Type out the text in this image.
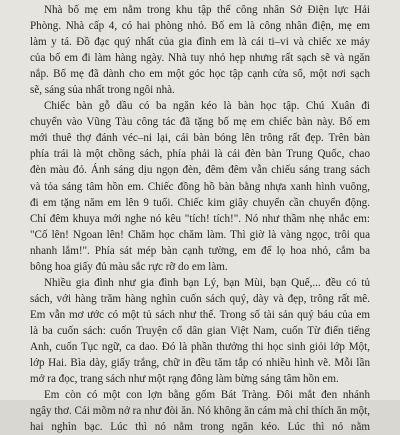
Nhà bố mẹ em nằm trong khu tập thể công nhân Sở Điện lực Hải
Phòng. Nhà cấp 4, có hai phòng nhỏ. Bố em là công nhân điện, mẹ em
làm y tá. Đồ đạc quý nhất của gia đình em là cái ti–vi và chiếc xe máy
của bố em đi làm hàng ngày. Nhà tuy nhỏ hẹp nhưng rất sạch sẽ và ngăn
nắp. Bố mẹ đã dành cho em một góc học tập cạnh cửa sổ, một nơi sạch
sẽ, sáng sủa nhất trong ngôi nhà.
Chiếc bàn gỗ dầu có ba ngăn kéo là bàn học tập. Chú Xuân đi
chuyển vào Vũng Tàu công tác đã tặng bố mẹ em chiếc bàn này. Bố em
mới thuê thợ đánh véc–ni lại, cái bàn bóng lên trông rất đẹp. Trên bàn
phía trái là một chồng sách, phía phải là cái đèn bàn Trung Quốc, chao
đèn màu đỏ. Ánh sáng dịu ngọn đèn, đêm đêm vẫn chiếu sáng trang sách
và tỏa sáng tâm hồn em. Chiếc đồng hồ bàn bằng nhựa xanh hình vuông,
đi em tặng năm em lên 9 tuổi. Chiếc kim giây chuyển cần chuyển động.
Chỉ đêm khuya mới nghe nó kêu "tích! tích!". Nó như thầm nhẹ nhắc em:
"Cố lên! Ngoan lên! Chăm học chăm làm. Thì giờ là vàng ngọc, trôi qua
nhanh lắm!". Phía sát mép bàn cạnh tường, em để lọ hoa nhỏ, cắm ba
bông hoa giấy đủ màu sắc rực rỡ do em làm.
Nhiều gia đình như gia đình bạn Lý, bạn Mùi, bạn Quế,... đều có tủ
sách, với hàng trăm hàng nghìn cuốn sách quý, dày và đẹp, trông rất mê.
Em vẫn mơ ước có một tủ sách như thế. Trong số tài sản quý báu của em
là ba cuốn sách: cuốn Truyện cổ dân gian Việt Nam, cuốn Từ điển tiếng
Anh, cuốn Tục ngữ, ca dao. Đó là phần thưởng thi học sinh giỏi lớp Một,
lớp Hai. Bìa dày, giấy trắng, chữ in đều tăm tắp có nhiều hình vẽ. Mỗi lần
mở ra đọc, trang sách như một rạng đông làm bừng sáng tâm hồn em.
Em còn có một con lợn bằng gốm Bát Tràng. Đôi mắt đen nhánh
ngây thơ. Cái mõm nở ra như đòi ăn. Nó không ăn cám mà chỉ thích ăn một,
hai nghìn bạc. Lúc thì nó nằm trong ngăn kéo. Lúc thì nó nằm
